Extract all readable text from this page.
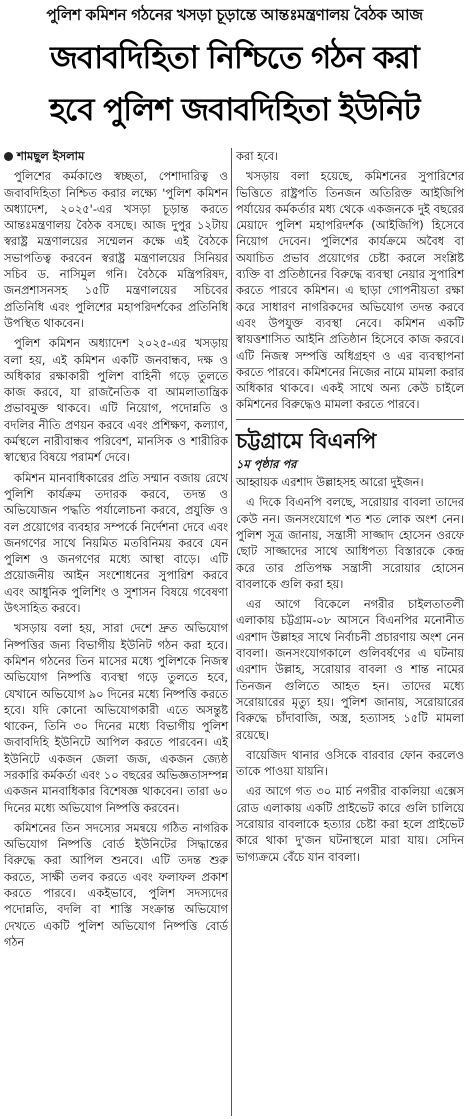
পুলিশ কমিশন গঠনের খসড়া চূড়ান্তে আন্তঃমন্ত্রণালয় বৈঠক আজ
জবাবদিহিতা নিশ্চিতে গঠন করা
হবে পুলিশ জবাবদিহিতা ইউনিট

শামছুল ইসলাম

পুলিশের কর্মকাণ্ডে স্বচ্ছতা, পেশাদারিত্ব ও জবাবদিহিতা নিশ্চিত করার লক্ষ্যে 'পুলিশ কমিশন অধ্যাদেশ, ২০২৫'-এর খসড়া চূড়ান্ত করতে আন্তঃমন্ত্রণালয় বৈঠক বসছে। আজ দুপুর ১২টায় স্বরাষ্ট্র মন্ত্রণালয়ের সম্মেলন কক্ষে এই বৈঠকে সভাপতিত্ব করবেন স্বরাষ্ট্র মন্ত্রণালয়ের সিনিয়র সচিব ড. নাসিমুল গনি। বৈঠকে মন্ত্রিপরিষদ, জনপ্রশাসনসহ ১৫টি মন্ত্রণালয়ের সচিবের প্রতিনিধি এবং পুলিশের মহাপরিদর্শকের প্রতিনিধি উপস্থিত থাকবেন।

পুলিশ কমিশন অধ্যাদেশ ২০২৫-এর খসড়ায় বলা হয়, এই কমিশন একটি জনবান্ধব, দক্ষ ও অধিকার রক্ষাকারী পুলিশ বাহিনী গড়ে তুলতে কাজ করবে, যা রাজনৈতিক বা আমলাতান্ত্রিক প্রভাবমুক্ত থাকবে। এটি নিয়োগ, পদোন্নতি ও বদলির নীতি প্রণয়ন করবে এবং প্রশিক্ষণ, কল্যাণ, কর্মস্থলে নারীবান্ধব পরিবেশ, মানসিক ও শারীরিক স্বাস্থ্যের বিষয়ে পরামর্শ দেবে।

কমিশন মানবাধিকারের প্রতি সম্মান বজায় রেখে পুলিশি কার্যক্রম তদারক করবে, তদন্ত ও অভিযোজন পদ্ধতি পর্যালোচনা করবে, প্রযুক্তি ও বল প্রয়োগের ব্যবহার সম্পর্কে নির্দেশনা দেবে এবং জনগণের সাথে নিয়মিত মতবিনিময় করবে যেন পুলিশ ও জনগণের মধ্যে আস্থা বাড়ে। এটি প্রয়োজনীয় আইন সংশোধনের সুপারিশ করবে এবং আধুনিক পুলিশিং ও সুশাসন বিষয়ে গবেষণা উৎসাহিত করবে।

খসড়ায় বলা হয়, সারা দেশে দ্রুত অভিযোগ নিষ্পত্তির জন্য বিভাগীয় ইউনিট গঠন করা হবে। কমিশন গঠনের তিন মাসের মধ্যে পুলিশকে নিজস্ব অভিযোগ নিষ্পত্তি ব্যবস্থা গড়ে তুলতে হবে, যেখানে অভিযোগ ৯০ দিনের মধ্যে নিষ্পত্তি করতে হবে। যদি কোনো অভিযোগকারী এতে অসন্তুষ্ট থাকেন, তিনি ৩০ দিনের মধ্যে বিভাগীয় পুলিশ জবাবদিহি ইউনিটে আপিল করতে পারবেন। এই ইউনিটে একজন জেলা জজ, একজন জ্যেষ্ঠ সরকারি কর্মকর্তা এবং ১০ বছরের অভিজ্ঞতাসম্পন্ন একজন মানবাধিকার বিশেষজ্ঞ থাকবেন। তারা ৬০ দিনের মধ্যে অভিযোগ নিষ্পত্তি করবেন।

কমিশনের তিন সদস্যের সমন্বয়ে গঠিত নাগরিক অভিযোগ নিষ্পত্তি বোর্ড ইউনিটের সিদ্ধান্তের বিরুদ্ধে করা আপিল শুনবে। এটি তদন্ত শুরু করতে, সাক্ষী তলব করতে এবং ফলাফল প্রকাশ করতে পারবে। একইভাবে, পুলিশ সদস্যদের পদোন্নতি, বদলি বা শাস্তি সংক্রান্ত অভিযোগ দেখতে একটি পুলিশ অভিযোগ নিষ্পত্তি বোর্ড গঠন

করা হবে।

খসড়ায় বলা হয়েছে, কমিশনের সুপারিশের ভিত্তিতে রাষ্ট্রপতি তিনজন অতিরিক্ত আইজিপি পর্যায়ের কর্মকর্তার মধ্য থেকে একজনকে দুই বছরের মেয়াদে পুলিশ মহাপরিদর্শক (আইজিপি) হিসেবে নিয়োগ দেবেন। পুলিশের কার্যক্রমে অবৈধ বা অযাচিত প্রভাব প্রয়োগের চেষ্টা করলে সংশ্লিষ্ট ব্যক্তি বা প্রতিষ্ঠানের বিরুদ্ধে ব্যবস্থা নেয়ার সুপারিশ করতে পারবে কমিশন। এ ছাড়া গোপনীয়তা রক্ষা করে সাধারণ নাগরিকদের অভিযোগ তদন্ত করবে এবং উপযুক্ত ব্যবস্থা নেবে। কমিশন একটি স্বায়ত্তশাসিত আইনি প্রতিষ্ঠান হিসেবে কাজ করবে। এটি নিজস্ব সম্পত্তি অধিগ্রহণ ও এর ব্যবস্থাপনা করতে পারবে। কমিশনের নিজের নামে মামলা করার অধিকার থাকবে। একই সাথে অন্য কেউ চাইলে কমিশনের বিরুদ্ধেও মামলা করতে পারবে।

চট্টগ্রামে বিএনপি
১ম পৃষ্ঠার পর

আহ্বায়ক এরশাদ উল্লাহসহ আরো দুইজন।

এ দিকে বিএনপি বলছে, সরোয়ার বাবলা তাদের কেউ নন। জনসংযোগে শত শত লোক অংশ নেন। পুলিশ সূত্র জানায়, সন্ত্রাসী সাজ্জাদ হোসেন ওরফে ছোট সাজ্জাদের সাথে আধিপত্য বিস্তারকে কেন্দ্র করে তার প্রতিপক্ষ সন্ত্রাসী সরোয়ার হোসেন বাবলাকে গুলি করা হয়।

এর আগে বিকেলে নগরীর চাইলতাতলী এলাকায় চট্টগ্রাম-০৮ আসনে বিএনপির মনোনীত এরশাদ উল্লাহর সাথে নির্বাচনী প্রচারণায় অংশ নেন বাবলা। জনসংযোগকালে গুলিবর্ষণের এ ঘটনায় এরশাদ উল্লাহ, সরোয়ার বাবলা ও শান্ত নামের তিনজন গুলিতে আহত হন। তাদের মধ্যে সরোয়ারের মৃত্যু হয়। পুলিশ জানায়, সরোয়ারের বিরুদ্ধে চাঁদাবাজি, অস্ত্র, হত্যাসহ ১৫টি মামলা রয়েছে।

বায়েজিদ থানার ওসিকে বারবার ফোন করলেও তাকে পাওয়া যায়নি।

এর আগে গত ৩০ মার্চ নগরীর বাকলিয়া এক্সেস রোড এলাকায় একটি প্রাইভেট কারে গুলি চালিয়ে সরোয়ার বাবলাকে হত্যার চেষ্টা করা হলে প্রাইভেট কারে থাকা দু'জন ঘটনাস্থলে মারা যায়। সেদিন ভাগ্যক্রমে বেঁচে যান বাবলা।
